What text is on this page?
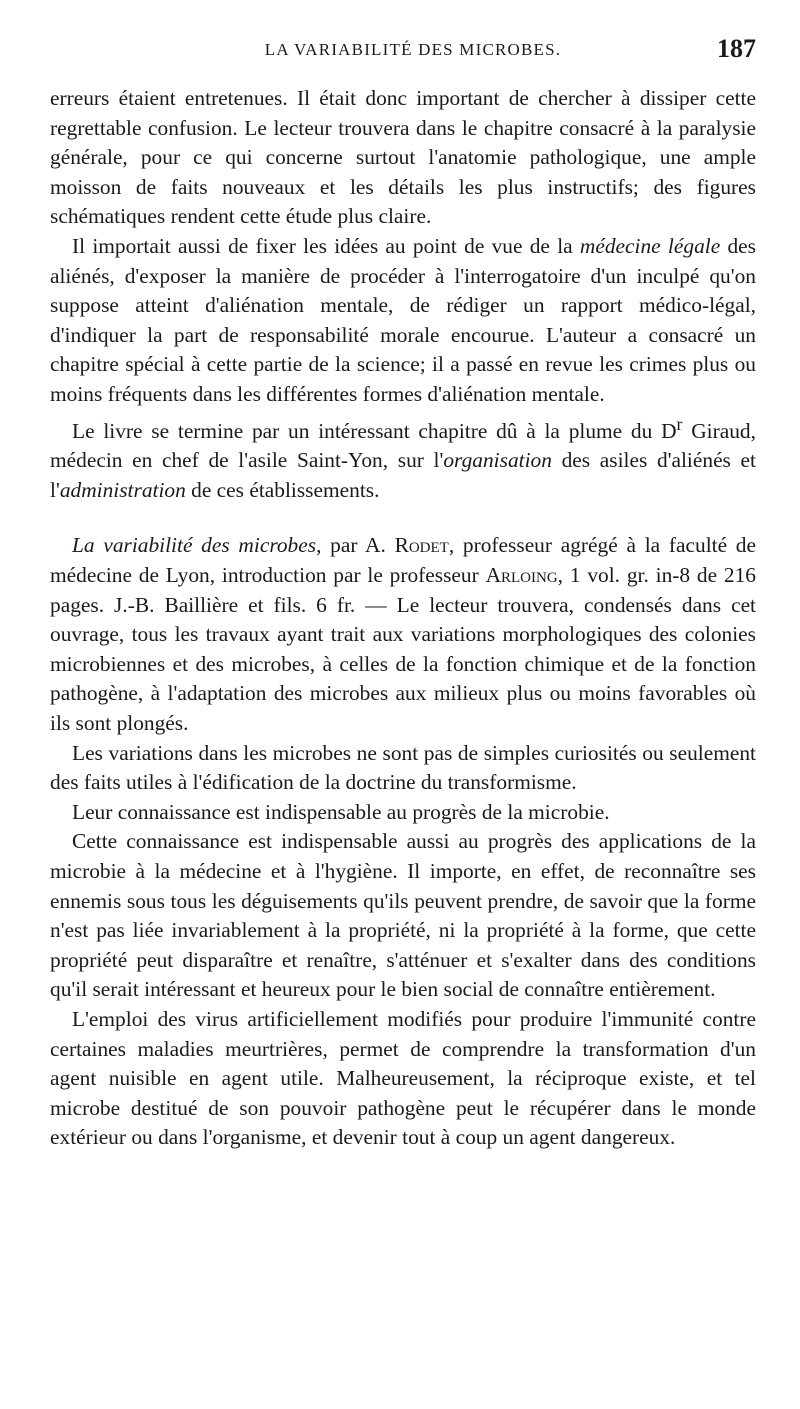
LA VARIABILITÉ DES MICROBES.	187

erreurs étaient entretenues. Il était donc important de chercher à dissiper cette regrettable confusion. Le lecteur trouvera dans le chapitre consacré à la paralysie générale, pour ce qui concerne surtout l'anatomie pathologique, une ample moisson de faits nouveaux et les détails les plus instructifs; des figures schématiques rendent cette étude plus claire.

Il importait aussi de fixer les idées au point de vue de la médecine légale des aliénés, d'exposer la manière de procéder à l'interrogatoire d'un inculpé qu'on suppose atteint d'aliénation mentale, de rédiger un rapport médico-légal, d'indiquer la part de responsabilité morale encourue. L'auteur a consacré un chapitre spécial à cette partie de la science; il a passé en revue les crimes plus ou moins fréquents dans les différentes formes d'aliénation mentale.

Le livre se termine par un intéressant chapitre dû à la plume du $D^r$ Giraud, médecin en chef de l'asile Saint-Yon, sur l'organisation des asiles d'aliénés et l'administration de ces établissements.

La variabilité des microbes, par A. Rodet, professeur agrégé à la faculté de médecine de Lyon, introduction par le professeur Arloing, 1 vol. gr. in-8 de 216 pages. J.-B. Baillière et fils. 6 fr. — Le lecteur trouvera, condensés dans cet ouvrage, tous les travaux ayant trait aux variations morphologiques des colonies microbiennes et des microbes, à celles de la fonction chimique et de la fonction pathogène, à l'adaptation des microbes aux milieux plus ou moins favorables où ils sont plongés.

Les variations dans les microbes ne sont pas de simples curiosités ou seulement des faits utiles à l'édification de la doctrine du transformisme.

Leur connaissance est indispensable au progrès de la microbie.

Cette connaissance est indispensable aussi au progrès des applications de la microbie à la médecine et à l'hygiène. Il importe, en effet, de reconnaître ses ennemis sous tous les déguisements qu'ils peuvent prendre, de savoir que la forme n'est pas liée invariablement à la propriété, ni la propriété à la forme, que cette propriété peut disparaître et renaître, s'atténuer et s'exalter dans des conditions qu'il serait intéressant et heureux pour le bien social de connaître entièrement.

L'emploi des virus artificiellement modifiés pour produire l'immunité contre certaines maladies meurtrières, permet de comprendre la transformation d'un agent nuisible en agent utile. Malheureusement, la réciproque existe, et tel microbe destitué de son pouvoir pathogène peut le récupérer dans le monde extérieur ou dans l'organisme, et devenir tout à coup un agent dangereux.
